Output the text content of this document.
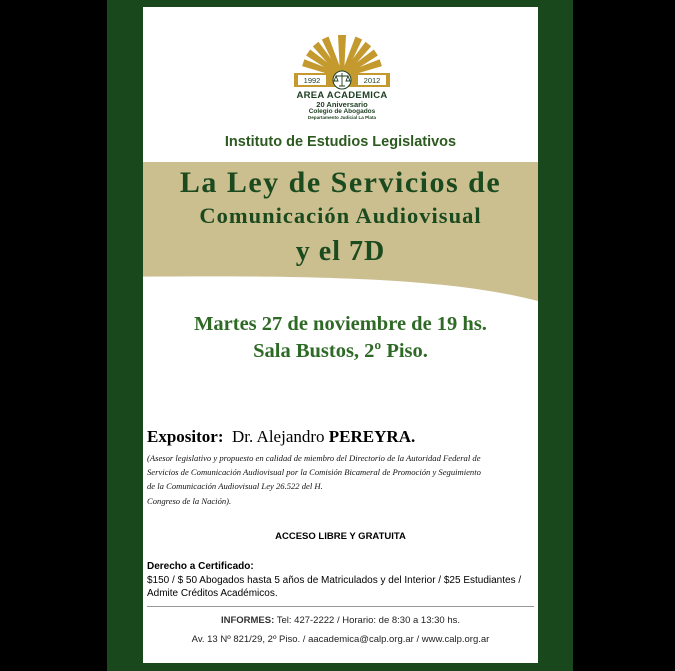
1992	2012
AREA ACADEMICA
20 Aniversario
Colegio de Abogados
Departamento Judicial La Plata
Instituto de Estudios Legislativos
La Ley de Servicios de
Comunicación Audiovisual
y el 7D
Martes 27 de noviembre de 19 hs.
Sala Bustos, 2º Piso.
Expositor: Dr. Alejandro PEREYRA.
(Asesor legislativo y propuesto en calidad de miembro del Directorio de la Autoridad Federal de
Servicios de Comunicación Audiovisual por la Comisión Bicameral de Promoción y Seguimiento
de la Comunicación Audiovisual Ley 26.522 del H.
Congreso de la Nación).
ACCESO LIBRE Y GRATUITA
Derecho a Certificado:
$150 / $ 50 Abogados hasta 5 años de Matriculados y del Interior / $25 Estudiantes / Admite Créditos Académicos.
INFORMES: Tel: 427-2222 / Horario: de 8:30 a 13:30 hs.
Av. 13 Nº 821/29, 2º Piso. / aacademica@calp.org.ar / www.calp.org.ar
